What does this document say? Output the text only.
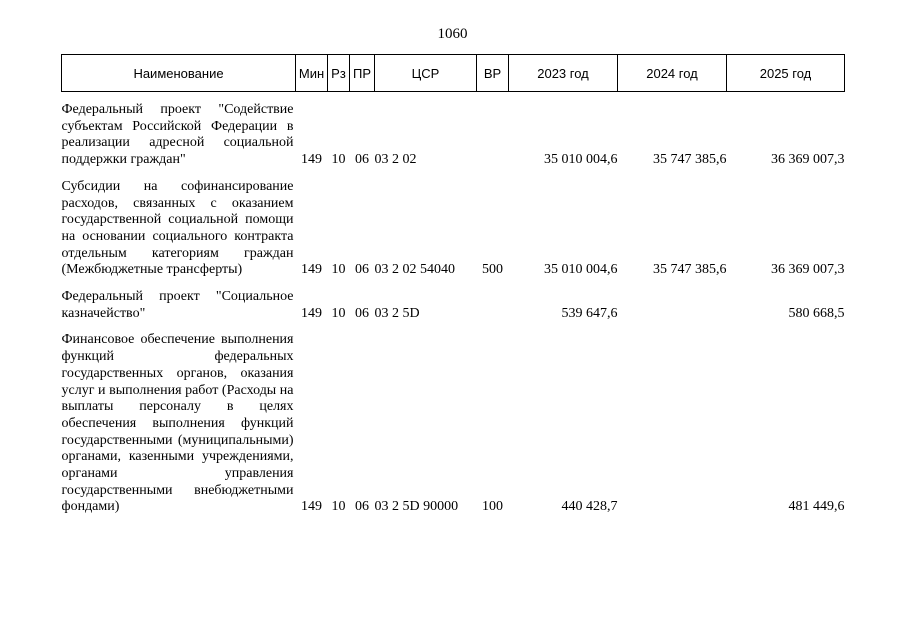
1060
Наименование	Мин	Рз	ПР	ЦСР	ВР	2023 год	2024 год	2025 год

Федеральный проект "Содействие субъектам Российской Федерации в реализации адресной социальной поддержки граждан"	149	10	06	03 2 02		35 010 004,6	35 747 385,6	36 369 007,3

Субсидии на софинансирование расходов, связанных с оказанием государственной социальной помощи на основании социального контракта отдельным категориям граждан (Межбюджетные трансферты)	149	10	06	03 2 02 54040	500	35 010 004,6	35 747 385,6	36 369 007,3

Федеральный проект "Социальное казначейство"	149	10	06	03 2 5D		539 647,6		580 668,5

Финансовое обеспечение выполнения функций федеральных государственных органов, оказания услуг и выполнения работ (Расходы на выплаты персоналу в целях обеспечения выполнения функций государственными (муниципальными) органами, казенными учреждениями, органами управления государственными внебюджетными фондами)	149	10	06	03 2 5D 90000	100	440 428,7		481 449,6
